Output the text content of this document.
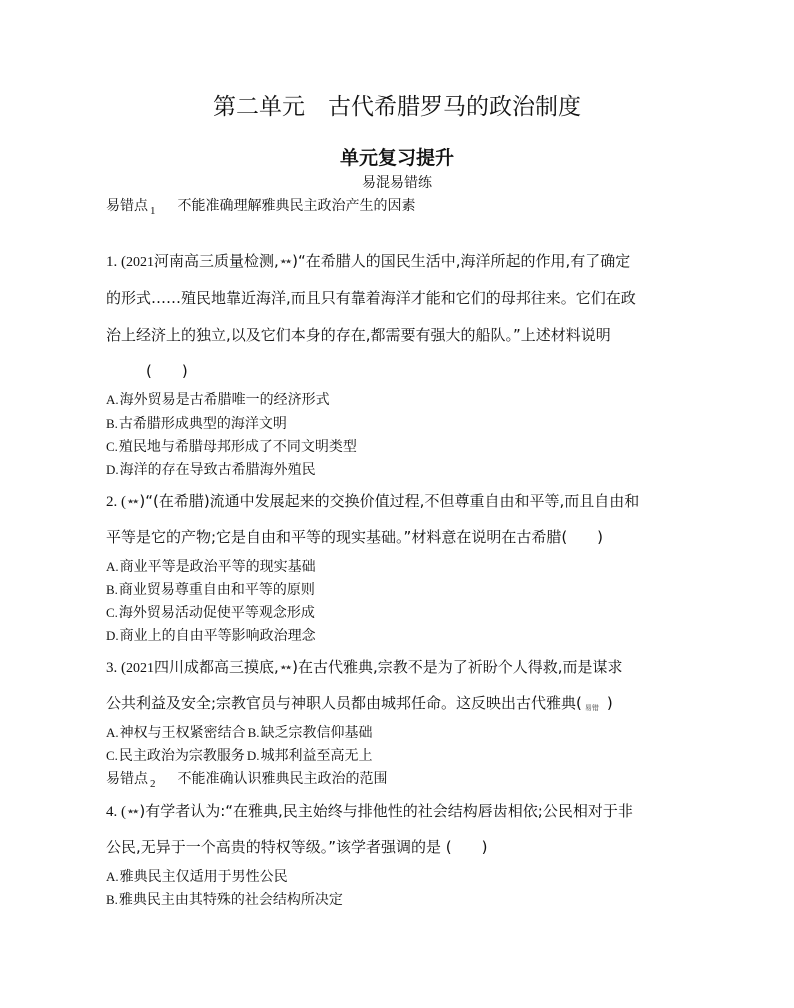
第二单元　古代希腊罗马的政治制度
单元复习提升
易混易错练
易错点 $_1$ 不能准确理解雅典民主政治产生的因素
1. (2021河南高三质量检测,★★ )“在希腊人的国民生活中,海洋所起的作用,有了确定
的形式……殖民地靠近海洋,而且只有靠着海洋才能和它们的母邦往来。它们在政
治上经济上的独立,以及它们本身的存在,都需要有强大的船队。”上述材料说明
(　　)
A.海外贸易是古希腊唯一的经济形式
B.古希腊形成典型的海洋文明
C.殖民地与希腊母邦形成了不同文明类型
D.海洋的存在导致古希腊海外殖民
2. (★★ )“(在希腊)流通中发展起来的交换价值过程,不但尊重自由和平等,而且自由和
平等是它的产物;它是自由和平等的现实基础。”材料意在说明在古希腊(　　)
A.商业平等是政治平等的现实基础
B.商业贸易尊重自由和平等的原则
C.海外贸易活动促使平等观念形成
D.商业上的自由平等影响政治理念
3. (2021四川成都高三摸底,★★ )在古代雅典,宗教不是为了祈盼个人得救,而是谋求
公共利益及安全;宗教官员与神职人员都由城邦任命。这反映出古代雅典( 易错 )
A.神权与王权紧密结合 B.缺乏宗教信仰基础
C.民主政治为宗教服务 D.城邦利益至高无上
易错点 $_2$ 不能准确认识雅典民主政治的范围
4. (★★ )有学者认为:“在雅典,民主始终与排他性的社会结构唇齿相依;公民相对于非
公民,无异于一个高贵的特权等级。”该学者强调的是 (　　)
A.雅典民主仅适用于男性公民
B.雅典民主由其特殊的社会结构所决定
